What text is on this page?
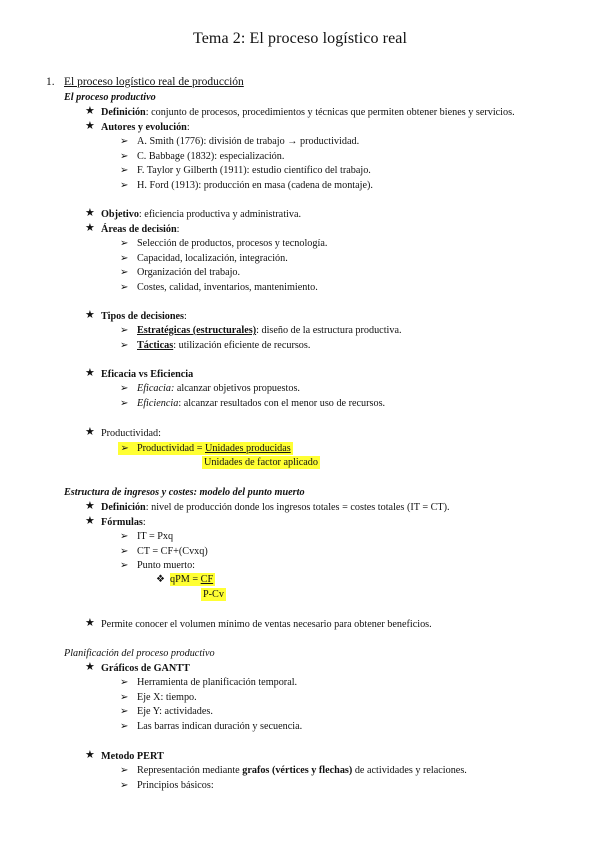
Tema 2: El proceso logístico real
1. El proceso logístico real de producción
El proceso productivo
★ Definición: conjunto de procesos, procedimientos y técnicas que permiten obtener bienes y servicios.
★ Autores y evolución:
➢ A. Smith (1776): división de trabajo → productividad.
➢ C. Babbage (1832): especialización.
➢ F. Taylor y Gilberth (1911): estudio científico del trabajo.
➢ H. Ford (1913): producción en masa (cadena de montaje).
★ Objetivo: eficiencia productiva y administrativa.
★ Áreas de decisión:
➢ Selección de productos, procesos y tecnología.
➢ Capacidad, localización, integración.
➢ Organización del trabajo.
➢ Costes, calidad, inventarios, mantenimiento.
★ Tipos de decisiones:
➢ Estratégicas (estructurales): diseño de la estructura productiva.
➢ Tácticas: utilización eficiente de recursos.
★ Eficacia vs Eficiencia
➢ Eficacia: alcanzar objetivos propuestos.
➢ Eficiencia: alcanzar resultados con el menor uso de recursos.
★ Productividad:
➢ Productividad = Unidades producidas
Unidades de factor aplicado
Estructura de ingresos y costes: modelo del punto muerto
★ Definición: nivel de producción donde los ingresos totales = costes totales (IT = CT).
★ Fórmulas:
➢ IT = Pxq
➢ CT = CF+(Cvxq)
➢ Punto muerto:
❖ qPM = CF
P-Cv
★ Permite conocer el volumen mínimo de ventas necesario para obtener beneficios.
Planificación del proceso productivo
★ Gráficos de GANTT
➢ Herramienta de planificación temporal.
➢ Eje X: tiempo.
➢ Eje Y: actividades.
➢ Las barras indican duración y secuencia.
★ Metodo PERT
➢ Representación mediante grafos (vértices y flechas) de actividades y relaciones.
➢ Principios básicos:
